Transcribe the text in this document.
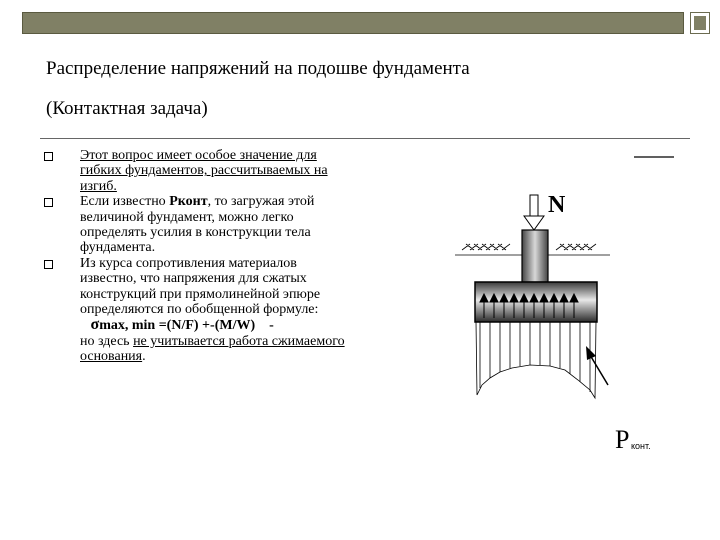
Распределение напряжений на подошве фундамента
(Контактная задача)
Этот вопрос имеет особое значение для гибких фундаментов, рассчитываемых на изгиб.
Если известно Рконт, то загружая этой величиной фундамент, можно легко определять усилия в конструкции тела фундамента.
Из курса сопротивления материалов известно, что напряжения для сжатых конструкций при прямолинейной эпюре определяются по обобщенной формуле:
σmax, min =(N/F) +-(M/W) -
но здесь не учитывается работа сжимаемого основания.
N
P конт.
